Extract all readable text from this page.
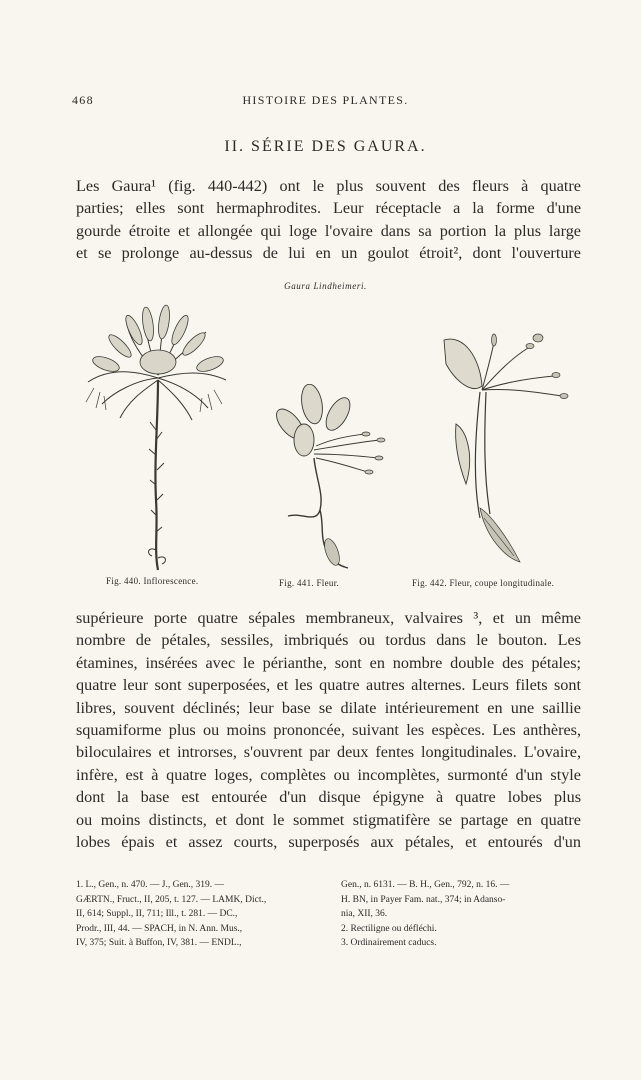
468	HISTOIRE DES PLANTES.
II. SÉRIE DES GAURA.
Les Gaura¹ (fig. 440-442) ont le plus souvent des fleurs à quatre
parties; elles sont hermaphrodites. Leur réceptacle a la forme d'une
gourde étroite et allongée qui loge l'ovaire dans sa portion la plus large
et se prolonge au-dessus de lui en un goulot étroit², dont l'ouverture
Gaura Lindheimeri.
Fig. 440. Inflorescence.	Fig. 441. Fleur.	Fig. 442. Fleur, coupe longitudinale.
supérieure porte quatre sépales membraneux, valvaires ³, et un même
nombre de pétales, sessiles, imbriqués ou tordus dans le bouton. Les
étamines, insérées avec le périanthe, sont en nombre double des pétales;
quatre leur sont superposées, et les quatre autres alternes. Leurs filets sont
libres, souvent déclinés; leur base se dilate intérieurement en une saillie
squamiforme plus ou moins prononcée, suivant les espèces. Les anthères,
biloculaires et introrses, s'ouvrent par deux fentes longitudinales. L'ovaire,
infère, est à quatre loges, complètes ou incomplètes, surmonté d'un style
dont la base est entourée d'un disque épigyne à quatre lobes plus
ou moins distincts, et dont le sommet stigmatifère se partage en quatre
lobes épais et assez courts, superposés aux pétales, et entourés d'un
1. L., Gen., n. 470. — J., Gen., 319. —
GÆRTN., Fruct., II, 205, t. 127. — LAMK, Dict.,
II, 614; Suppl., II, 711; Ill., t. 281. — DC.,
Prodr., III, 44. — SPACH, in N. Ann. Mus.,
IV, 375; Suit. à Buffon, IV, 381. — ENDL.,
Gen., n. 6131. — B. H., Gen., 792, n. 16. —
H. BN, in Payer Fam. nat., 374; in Adanso-
nia, XII, 36.
2. Rectiligne ou défléchi.
3. Ordinairement caducs.
